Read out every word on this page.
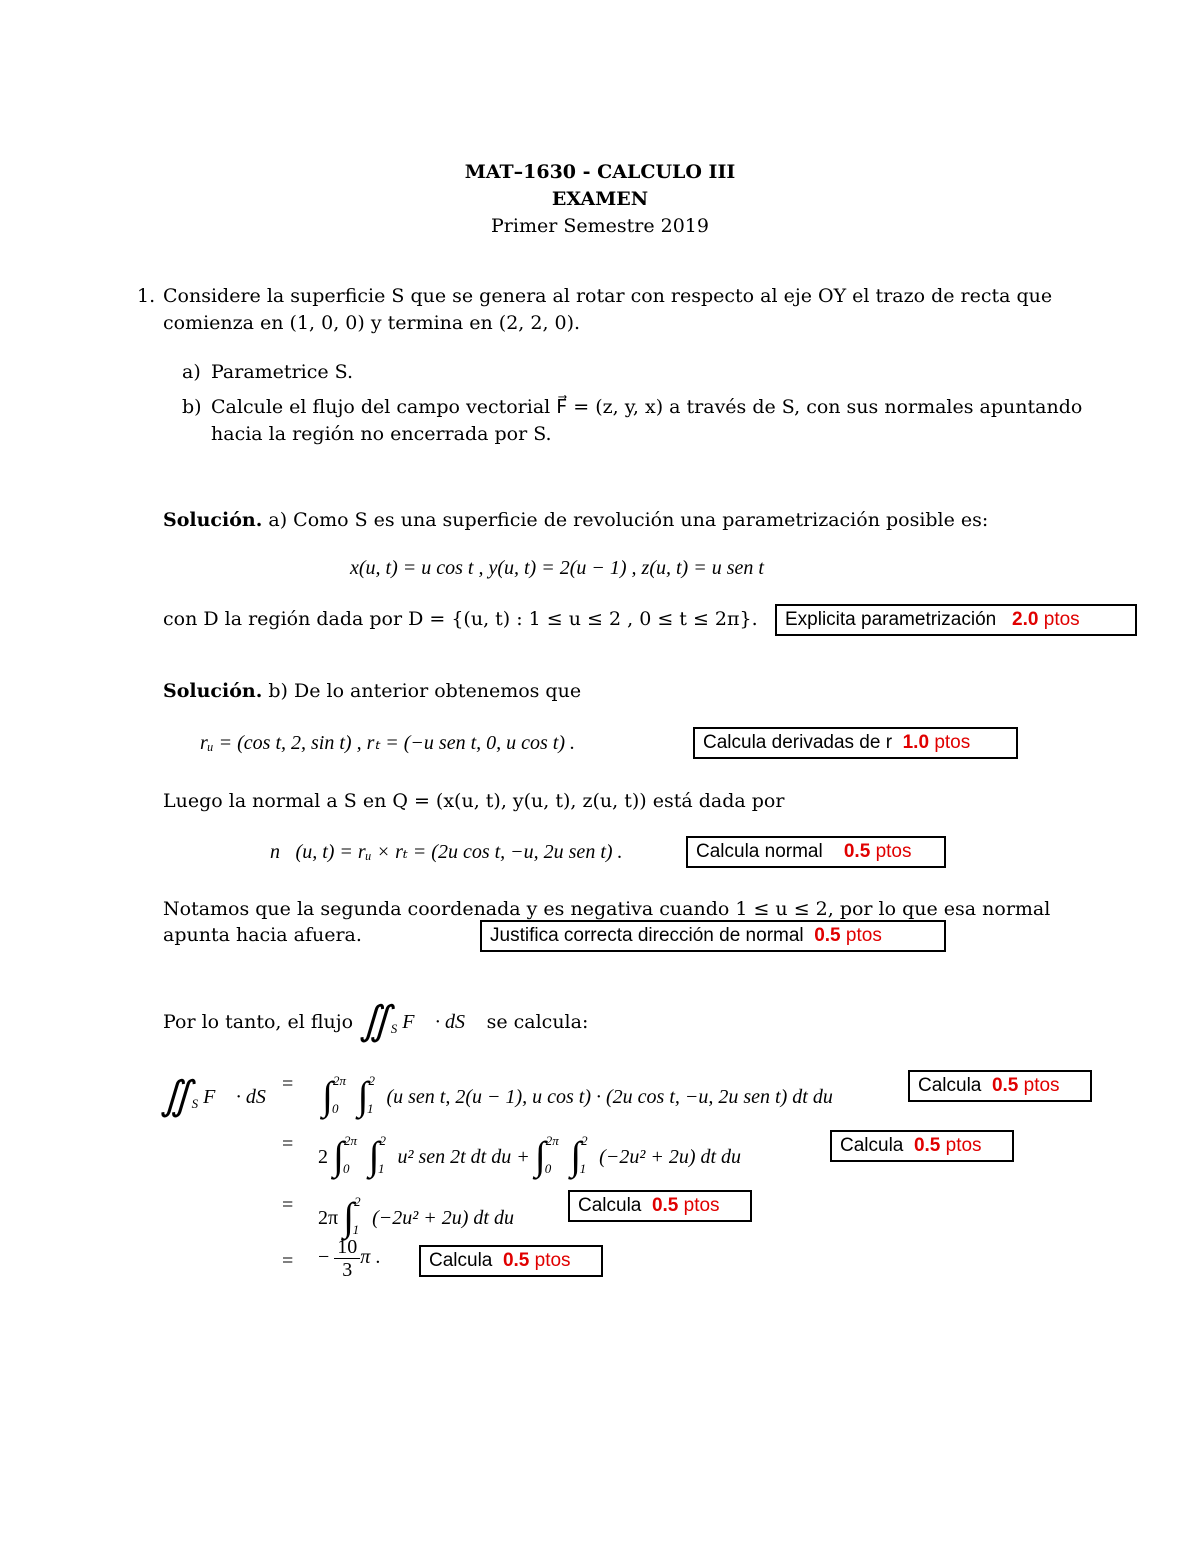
MAT–1630 - CALCULO III
EXAMEN
Primer Semestre 2019
1. Considere la superficie S que se genera al rotar con respecto al eje OY el trazo de recta que
comienza en (1, 0, 0) y termina en (2, 2, 0).
a) Parametrice S.
b) Calcule el flujo del campo vectorial F⃗ = (z, y, x) a través de S, con sus normales apuntando
hacia la región no encerrada por S.
Solución. a) Como S es una superficie de revolución una parametrización posible es:
x(u, t) = u cos t , y(u, t) = 2(u − 1) , z(u, t) = u sen t
con D la región dada por D = {(u, t) : 1 ≤ u ≤ 2 , 0 ≤ t ≤ 2π}.	Explicita parametrización 2.0 ptos
Solución. b) De lo anterior obtenemos que
rᵤ = (cos t, 2, sin t) , rₜ = (−u sen t, 0, u cos t) .	Calcula derivadas de r 1.0 ptos
Luego la normal a S en Q = (x(u, t), y(u, t), z(u, t)) está dada por
n⃗(u, t) = rᵤ × rₜ = (2u cos t, −u, 2u sen t) .	Calcula normal 0.5 ptos
Notamos que la segunda coordenada y es negativa cuando 1 ≤ u ≤ 2, por lo que esa normal
apunta hacia afuera.	Justifica correcta dirección de normal 0.5 ptos
Por lo tanto, el flujo $∬_S$ F⃗ · dS⃗ se calcula:
$∬_S$ F⃗ · dS⃗
= ∫$^{2\pi}_0$ ∫$^2_1$ (u sen t, 2(u − 1), u cos t) · (2u cos t, −u, 2u sen t) dt du
Calcula 0.5 ptos
=
2 ∫$^{2\pi}_0$ ∫$^2_1$ u² sen 2t dt du + ∫$^{2\pi}_0$ ∫$^2_1$ (−2u² + 2u) dt du
Calcula 0.5 ptos
=
2π ∫$^2_1$ (−2u² + 2u) dt du
Calcula 0.5 ptos
= − $\frac{10}{3}$ π .	Calcula 0.5 ptos
